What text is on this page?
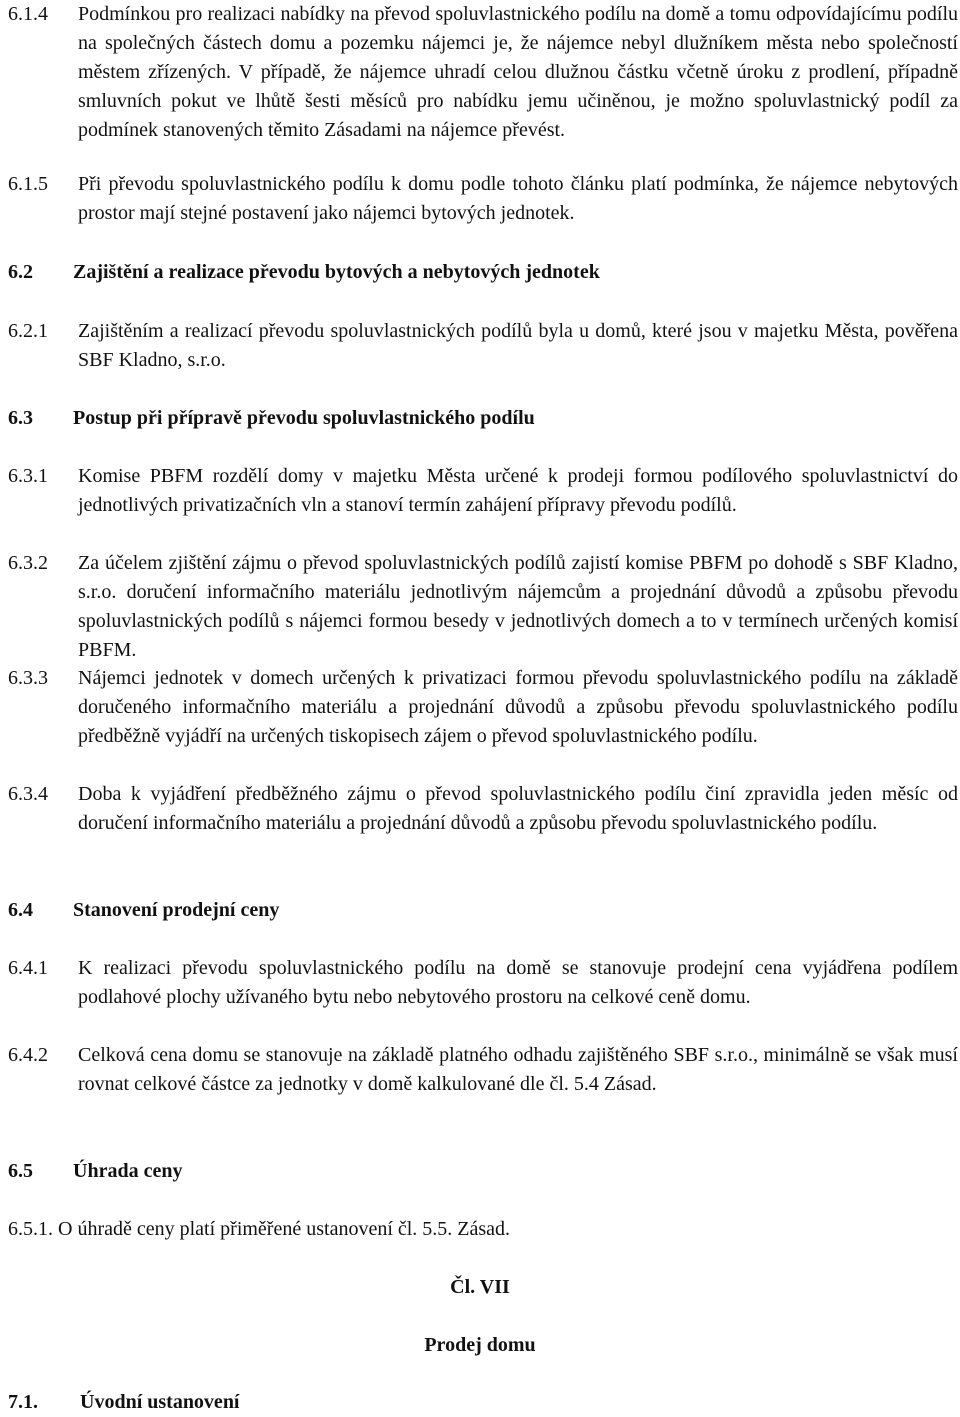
6.1.4	Podmínkou pro realizaci nabídky na převod spoluvlastnického podílu na domě a tomu odpovídajícímu podílu na společných částech domu a pozemku nájemci je, že nájemce nebyl dlužníkem města nebo společností městem zřízených. V případě, že nájemce uhradí celou dlužnou částku včetně úroku z prodlení, případně smluvních pokut ve lhůtě šesti měsíců pro nabídku jemu učiněnou, je možno spoluvlastnický podíl za podmínek stanovených těmito Zásadami na nájemce převést.
6.1.5	Při převodu spoluvlastnického podílu k domu podle tohoto článku platí podmínka, že nájemce nebytových prostor mají stejné postavení jako nájemci bytových jednotek.
6.2	Zajištění a realizace převodu bytových a nebytových jednotek
6.2.1	Zajištěním a realizací převodu spoluvlastnických podílů byla u domů, které jsou v majetku Města, pověřena SBF Kladno, s.r.o.
6.3	Postup při přípravě převodu spoluvlastnického podílu
6.3.1	Komise PBFM rozdělí domy v majetku Města určené k prodeji formou podílového spoluvlastnictví do jednotlivých privatizačních vln a stanoví termín zahájení přípravy převodu podílů.
6.3.2	Za účelem zjištění zájmu o převod spoluvlastnických podílů zajistí komise PBFM po dohodě s SBF Kladno, s.r.o. doručení informačního materiálu jednotlivým nájemcům a projednání důvodů a způsobu převodu spoluvlastnických podílů s nájemci formou besedy v jednotlivých domech a to v termínech určených komisí PBFM.
6.3.3	Nájemci jednotek v domech určených k privatizaci formou převodu spoluvlastnického podílu na základě doručeného informačního materiálu a projednání důvodů a způsobu převodu spoluvlastnického podílu předběžně vyjádří na určených tiskopisech zájem o převod spoluvlastnického podílu.
6.3.4	Doba k vyjádření předběžného zájmu o převod spoluvlastnického podílu činí zpravidla jeden měsíc od doručení informačního materiálu a projednání důvodů a způsobu převodu spoluvlastnického podílu.
6.4	Stanovení prodejní ceny
6.4.1	K realizaci převodu spoluvlastnického podílu na domě se stanovuje prodejní cena vyjádřena podílem podlahové plochy užívaného bytu nebo nebytového prostoru na celkové ceně domu.
6.4.2	Celková cena domu se stanovuje na základě platného odhadu zajištěného SBF s.r.o., minimálně se však musí rovnat celkové částce za jednotky v domě kalkulované dle čl. 5.4 Zásad.
6.5	Úhrada ceny
6.5.1. O úhradě ceny platí přiměřené ustanovení čl. 5.5. Zásad.
Čl. VII
Prodej domu
7.1.	Úvodní ustanovení
